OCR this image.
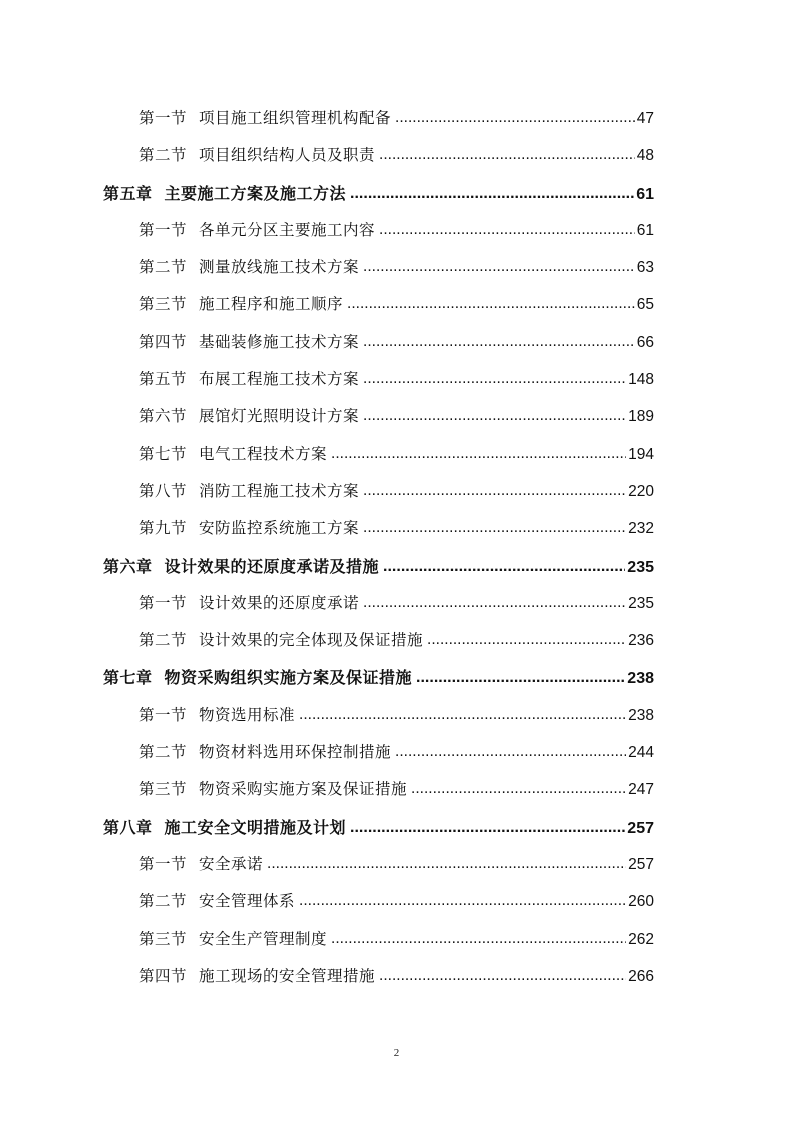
第一节 项目施工组织管理机构配备 .....	47
第二节 项目组织结构人员及职责 .....	48
第五章 主要施工方案及施工方法 .....	61
第一节 各单元分区主要施工内容 .....	61
第二节 测量放线施工技术方案 .....	63
第三节 施工程序和施工顺序 .....	65
第四节 基础装修施工技术方案 .....	66
第五节 布展工程施工技术方案 .....	148
第六节 展馆灯光照明设计方案 .....	189
第七节 电气工程技术方案 .....	194
第八节 消防工程施工技术方案 .....	220
第九节 安防监控系统施工方案 .....	232
第六章 设计效果的还原度承诺及措施 .....	235
第一节 设计效果的还原度承诺 .....	235
第二节 设计效果的完全体现及保证措施 .....	236
第七章 物资采购组织实施方案及保证措施 .....	238
第一节 物资选用标准 .....	238
第二节 物资材料选用环保控制措施 .....	244
第三节 物资采购实施方案及保证措施 .....	247
第八章 施工安全文明措施及计划 .....	257
第一节 安全承诺 .....	257
第二节 安全管理体系 .....	260
第三节 安全生产管理制度 .....	262
第四节 施工现场的安全管理措施 .....	266
2
